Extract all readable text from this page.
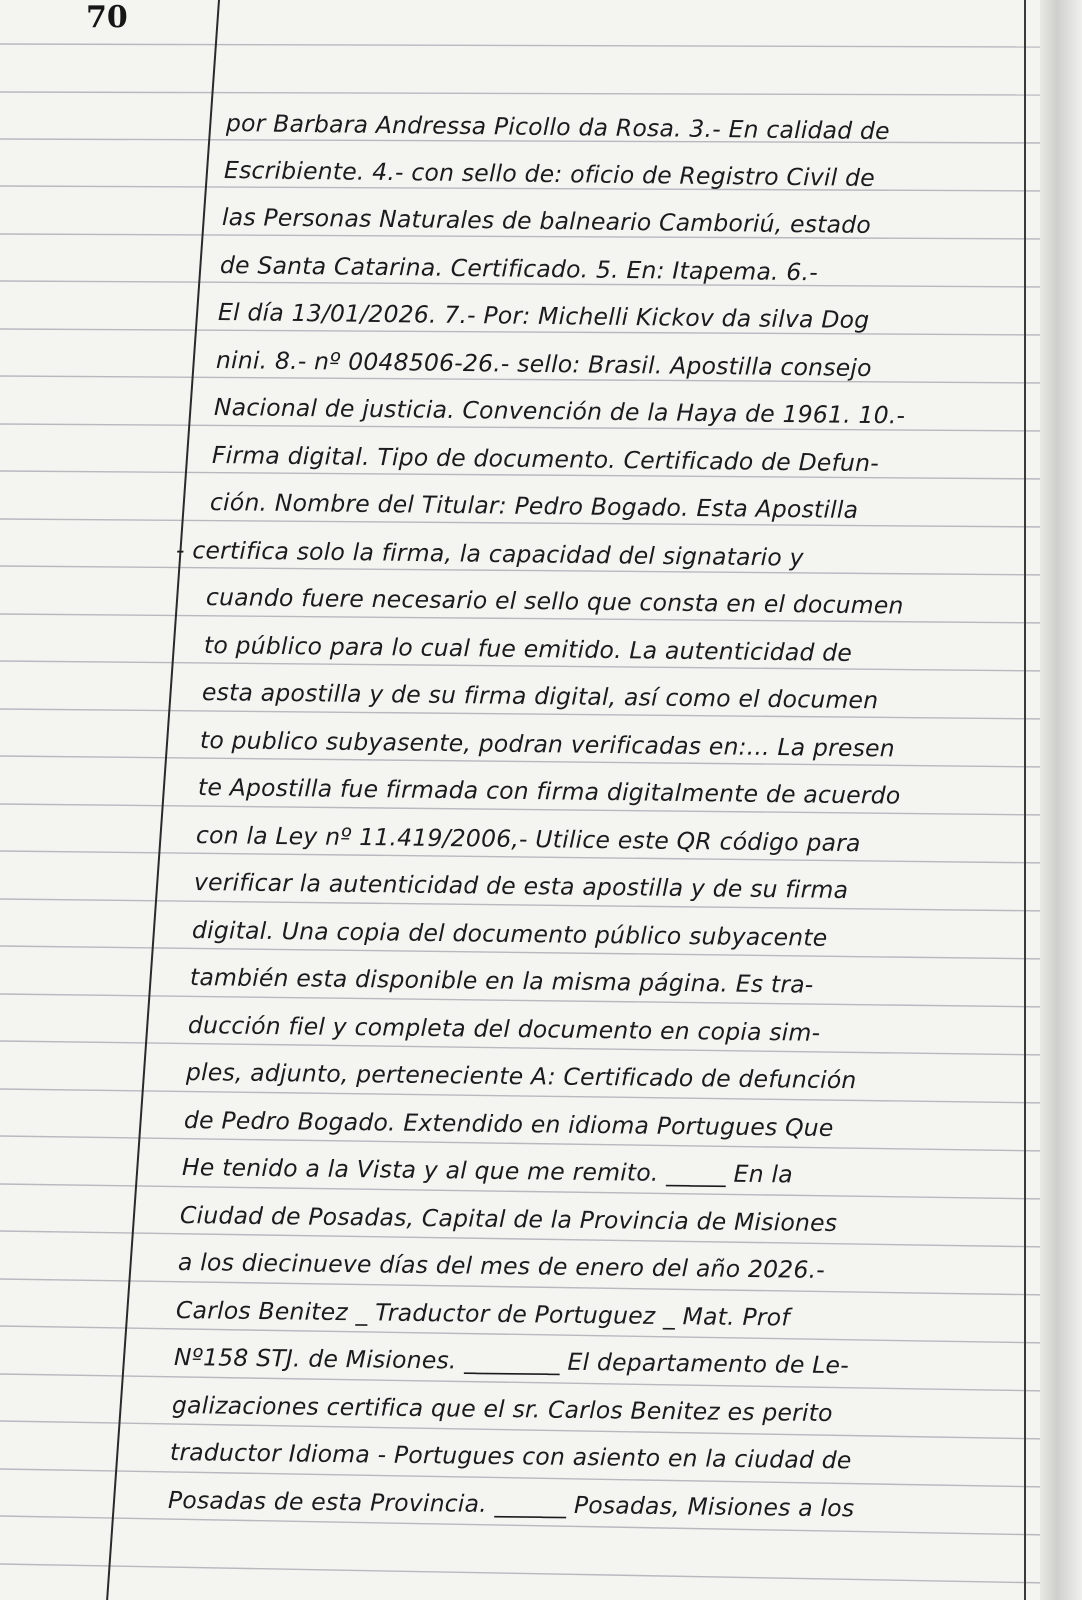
70

por Barbara Andressa Picollo da Rosa. 3.- En calidad de

Escribiente. 4.- con sello de: oficio de Registro Civil de

las Personas Naturales de balneario Camboriú, estado

de Santa Catarina. Certificado. 5. En: Itapema. 6.-

El día 13/01/2026. 7.- Por: Michelli Kickov da silva Dog

nini. 8.- nº 0048506-26.- sello: Brasil. Apostilla consejo

Nacional de justicia. Convención de la Haya de 1961. 10.-

Firma digital. Tipo de documento. Certificado de Defun-

ción. Nombre del Titular: Pedro Bogado. Esta Apostilla

- certifica solo la firma, la capacidad del signatario y

cuando fuere necesario el sello que consta en el documen

to público para lo cual fue emitido. La autenticidad de

esta apostilla y de su firma digital, así como el documen

to publico subyasente, podran verificadas en:... La presen

te Apostilla fue firmada con firma digitalmente de acuerdo

con la Ley nº 11.419/2006,- Utilice este QR código para

verificar la autenticidad de esta apostilla y de su firma

digital. Una copia del documento público subyacente

también esta disponible en la misma página. Es tra-

ducción fiel y completa del documento en copia sim-

ples, adjunto, perteneciente A: Certificado de defunción

de Pedro Bogado. Extendido en idioma Portugues Que

He tenido a la Vista y al que me remito. _____ En la

Ciudad de Posadas, Capital de la Provincia de Misiones

a los diecinueve días del mes de enero del año 2026.-

Carlos Benitez _ Traductor de Portuguez _ Mat. Prof

Nº158 STJ. de Misiones. ________ El departamento de Le-

galizaciones certifica que el sr. Carlos Benitez es perito

traductor Idioma - Portugues con asiento en la ciudad de

Posadas de esta Provincia. ______ Posadas, Misiones a los
